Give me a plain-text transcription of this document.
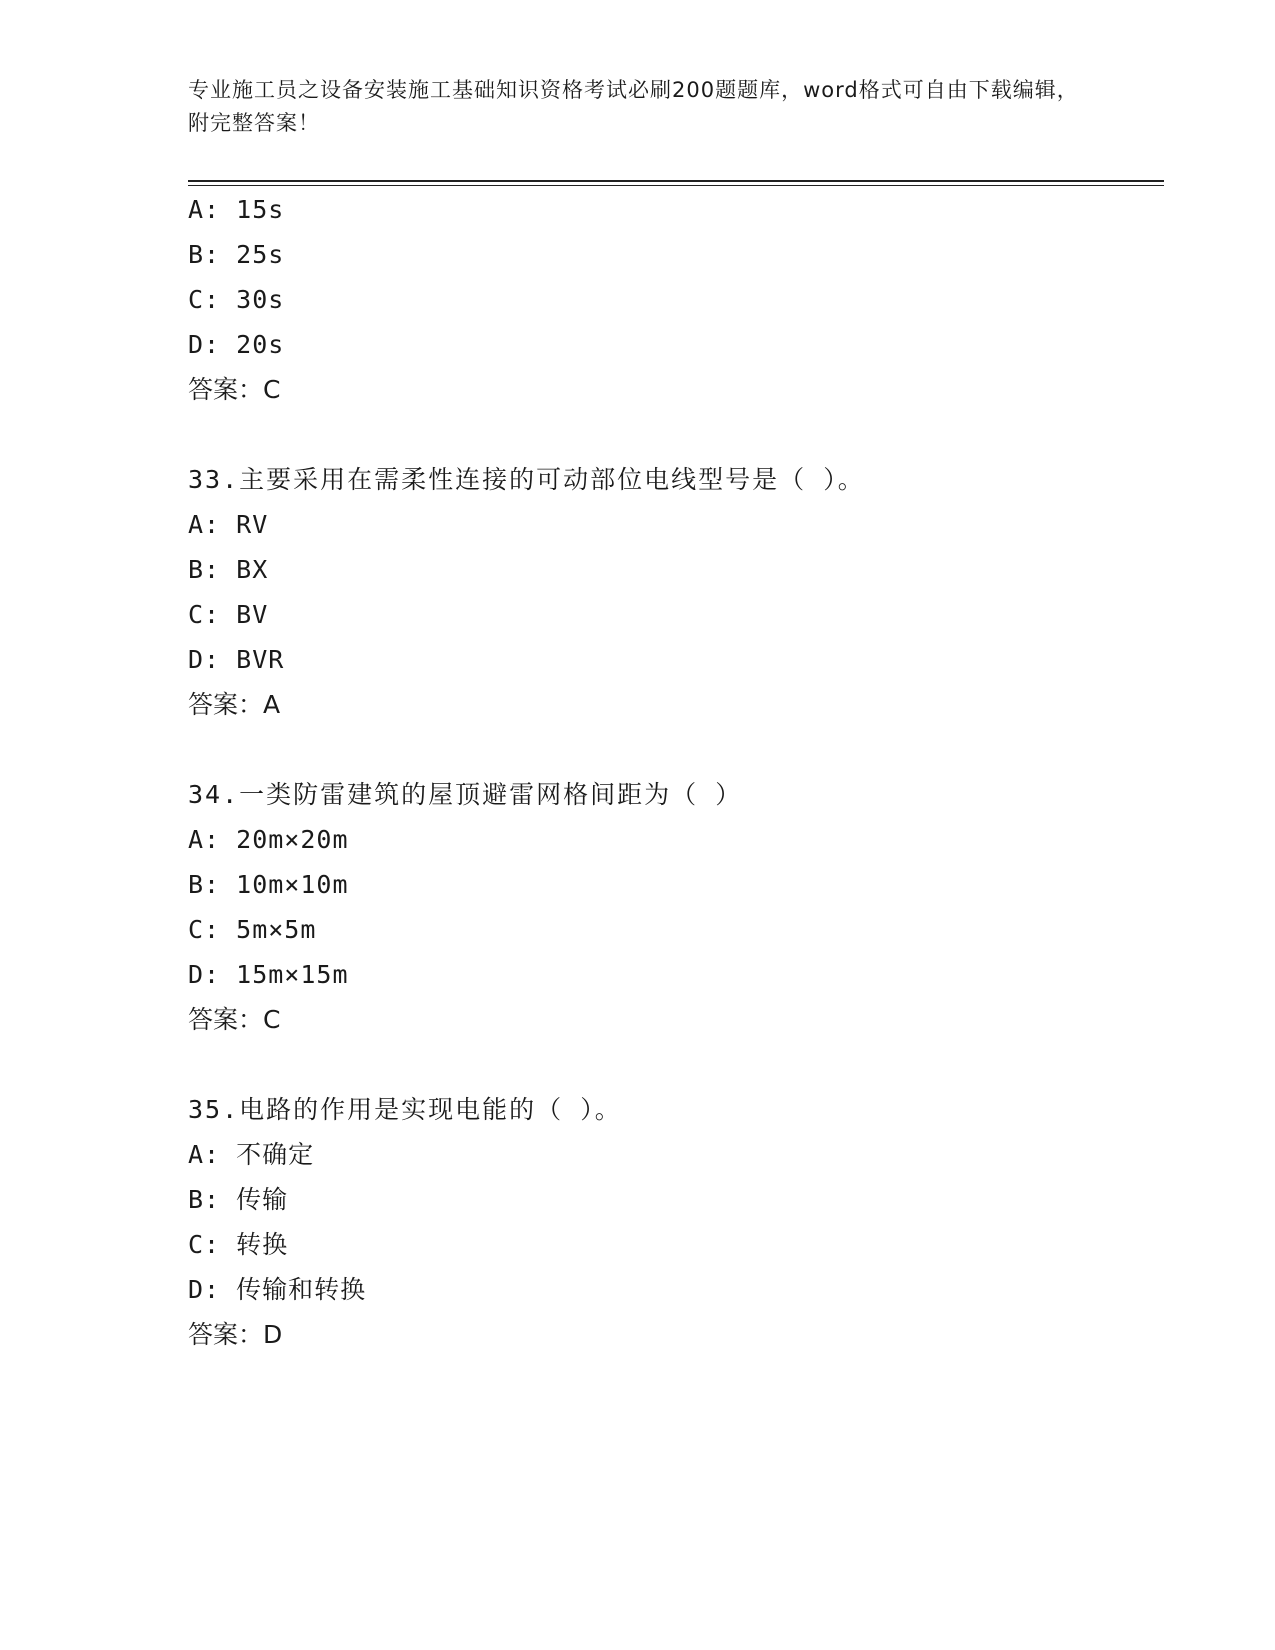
专业施工员之设备安装施工基础知识资格考试必刷200题题库，word格式可自由下载编辑，附完整答案！
A: 15s
B: 25s
C: 30s
D: 20s
答案：C
33.主要采用在需柔性连接的可动部位电线型号是（ ）。
A: RV
B: BX
C: BV
D: BVR
答案：A
34.一类防雷建筑的屋顶避雷网格间距为（ ）
A: 20m×20m
B: 10m×10m
C: 5m×5m
D: 15m×15m
答案：C
35.电路的作用是实现电能的（ ）。
A: 不确定
B: 传输
C: 转换
D: 传输和转换
答案：D
